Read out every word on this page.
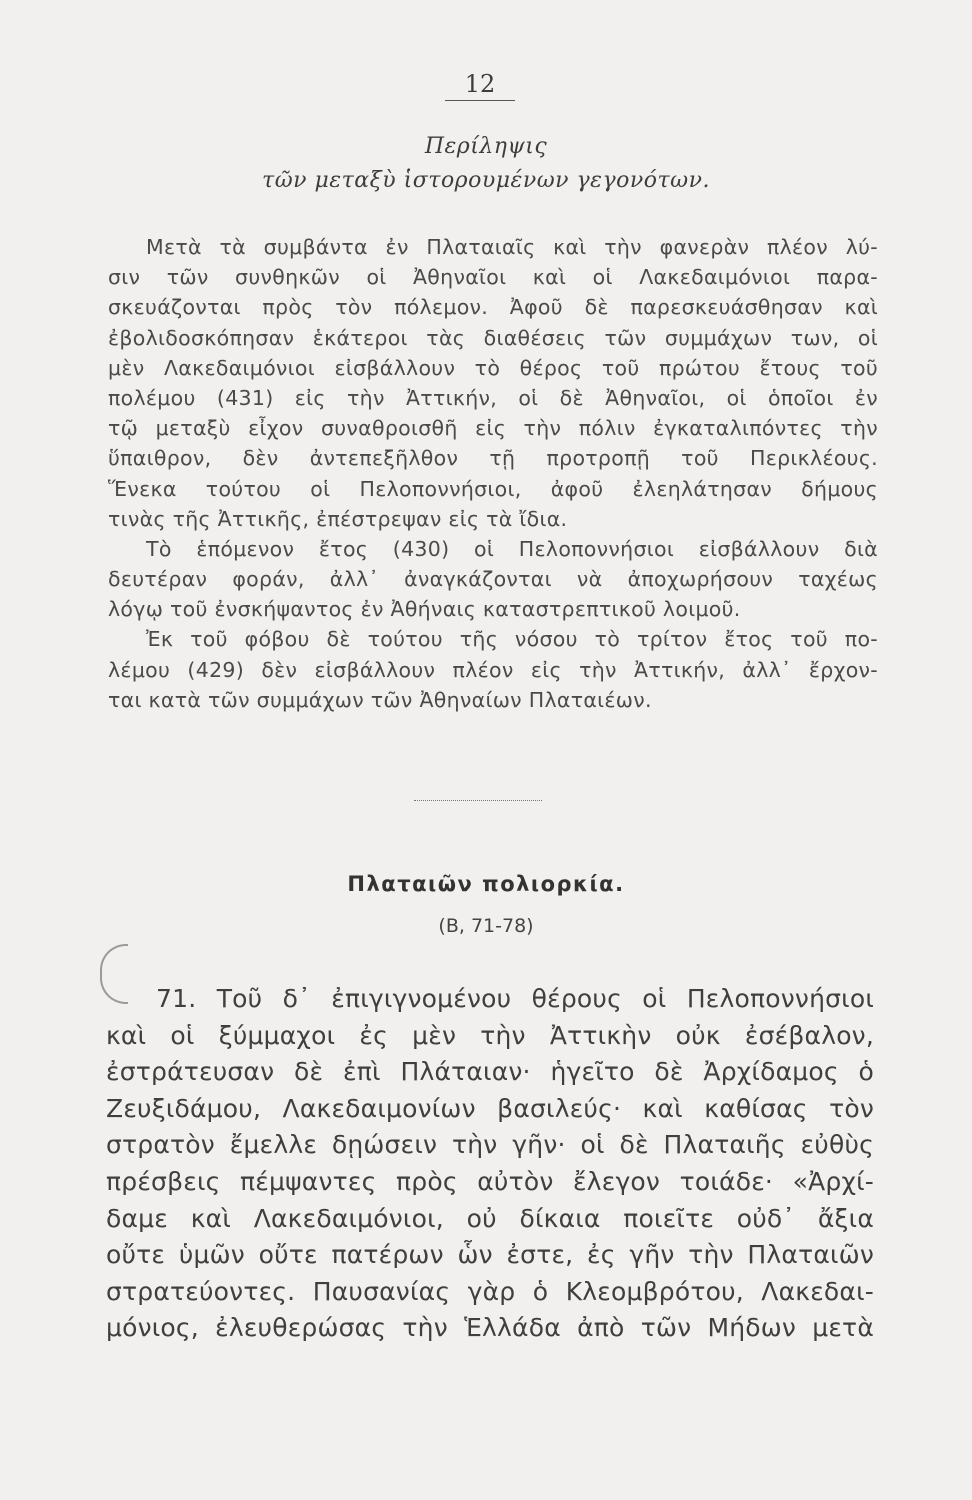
12
Περίληψις
τῶν μεταξὺ ἱστορουμένων γεγονότων.
Μετὰ τὰ συμβάντα ἐν Πλαταιαῖς καὶ τὴν φανερὰν πλέον λύ-
σιν τῶν συνθηκῶν οἱ Ἀθηναῖοι καὶ οἱ Λακεδαιμόνιοι παρα-
σκευάζονται πρὸς τὸν πόλεμον. Ἀφοῦ δὲ παρεσκευάσθησαν καὶ
ἐβολιδοσκόπησαν ἑκάτεροι τὰς διαθέσεις τῶν συμμάχων των, οἱ
μὲν Λακεδαιμόνιοι εἰσβάλλουν τὸ θέρος τοῦ πρώτου ἔτους τοῦ
πολέμου (431) εἰς τὴν Ἀττικήν, οἱ δὲ Ἀθηναῖοι, οἱ ὁποῖοι ἐν
τῷ μεταξὺ εἶχον συναθροισθῆ εἰς τὴν πόλιν ἐγκαταλιπόντες τὴν
ὕπαιθρον, δὲν ἀντεπεξῆλθον τῇ προτροπῇ τοῦ Περικλέους.
Ἕνεκα τούτου οἱ Πελοποννήσιοι, ἀφοῦ ἐλεηλάτησαν δήμους
τινὰς τῆς Ἀττικῆς, ἐπέστρεψαν εἰς τὰ ἴδια.
Τὸ ἑπόμενον ἔτος (430) οἱ Πελοποννήσιοι εἰσβάλλουν διὰ
δευτέραν φοράν, ἀλλ᾽ ἀναγκάζονται νὰ ἀποχωρήσουν ταχέως
λόγῳ τοῦ ἐνσκήψαντος ἐν Ἀθήναις καταστρεπτικοῦ λοιμοῦ.
Ἐκ τοῦ φόβου δὲ τούτου τῆς νόσου τὸ τρίτον ἔτος τοῦ πο-
λέμου (429) δὲν εἰσβάλλουν πλέον εἰς τὴν Ἀττικήν, ἀλλ᾽ ἔρχον-
ται κατὰ τῶν συμμάχων τῶν Ἀθηναίων Πλαταιέων.
Πλαταιῶν πολιορκία.
(Β, 71-78)
71. Τοῦ δ᾽ ἐπιγιγνομένου θέρους οἱ Πελοποννήσιοι
καὶ οἱ ξύμμαχοι ἐς μὲν τὴν Ἀττικὴν οὐκ ἐσέβαλον,
ἐστράτευσαν δὲ ἐπὶ Πλάταιαν· ἡγεῖτο δὲ Ἀρχίδαμος ὁ
Ζευξιδάμου, Λακεδαιμονίων βασιλεύς· καὶ καθίσας τὸν
στρατὸν ἔμελλε δῃώσειν τὴν γῆν· οἱ δὲ Πλαταιῆς εὐθὺς
πρέσβεις πέμψαντες πρὸς αὐτὸν ἔλεγον τοιάδε· «Ἀρχί-
δαμε καὶ Λακεδαιμόνιοι, οὐ δίκαια ποιεῖτε οὐδ᾽ ἄξια
οὔτε ὑμῶν οὔτε πατέρων ὧν ἐστε, ἐς γῆν τὴν Πλαταιῶν
στρατεύοντες. Παυσανίας γὰρ ὁ Κλεομβρότου, Λακεδαι-
μόνιος, ἐλευθερώσας τὴν Ἑλλάδα ἀπὸ τῶν Μήδων μετὰ
